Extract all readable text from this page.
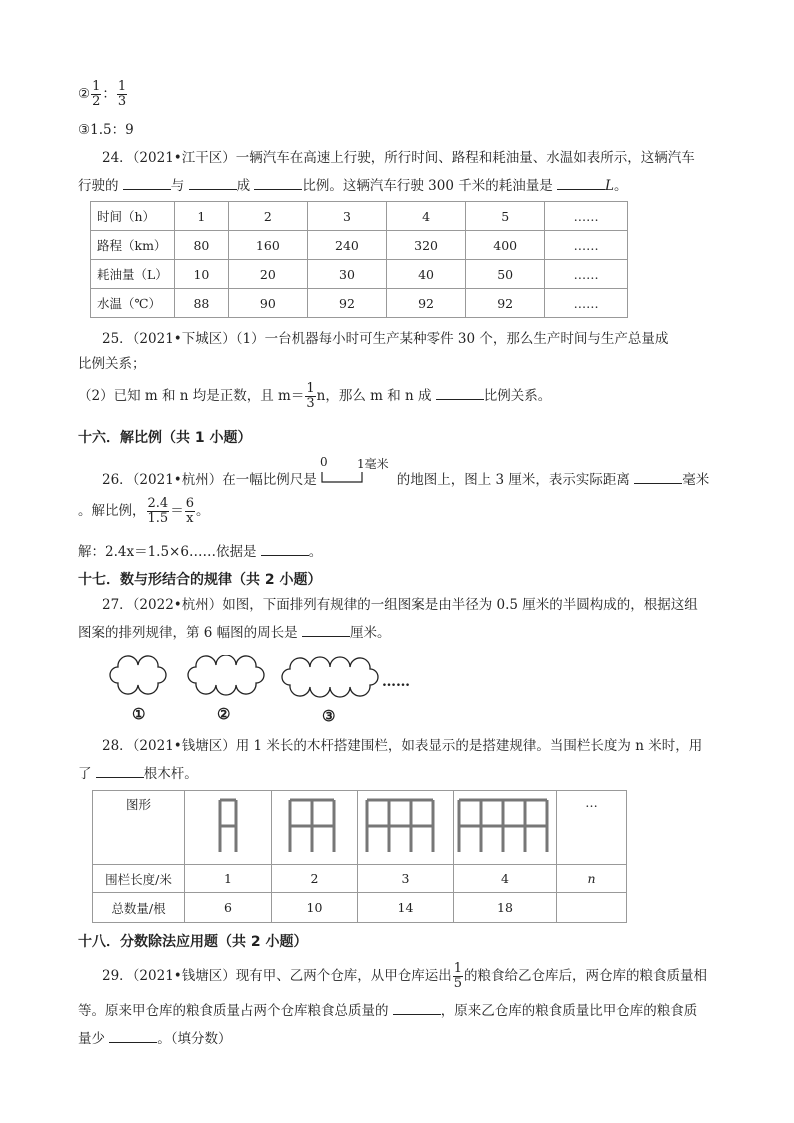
② $\frac{1}{2}$ ： $\frac{1}{3}$
③1.5：9
24．（2021•江干区）一辆汽车在高速上行驶，所行时间、路程和耗油量、水温如表所示，这辆汽车
行驶的	与	成	比例。这辆汽车行驶 300 千米的耗油量是	L。
时间（h）	1	2	3	4	5	……
路程（km）	80	160	240	320	400	……
耗油量（L）	10	20	30	40	50	……
水温（℃）	88	90	92	92	92	……
25．（2021•下城区）（1）一台机器每小时可生产某种零件 30 个，那么生产时间与生产总量成
比例关系；
（2）已知 m 和 n 均是正数，且 $m= \frac{1}{3}$ n，那么 m 和 n 成	比例关系。
十六．解比例（共 1 小题）
26．（2021•杭州）在一幅比例尺是	的地图上，图上 3 厘米，表示实际距离	毫米
0 1毫米
。解比例， $\frac{2.4}{1.5} = \frac{6}{x}$ 。
解：2.4x＝1.5×6……依据是	。
十七．数与形结合的规律（共 2 小题）
27．（2022•杭州）如图，下面排列有规律的一组图案是由半径为 0.5 厘米的半圆构成的，根据这组
图案的排列规律，第 6 幅图的周长是	厘米。
……
①	②	③
28．（2021•钱塘区）用 1 米长的木杆搭建围栏，如表显示的是搭建规律。当围栏长度为 n 米时，用
了	根木杆。
图形					…
围栏长度/米	1	2	3	4	n
总数量/根	6	10	14	18	
十八．分数除法应用题（共 2 小题）
29．（2021•钱塘区）现有甲、乙两个仓库，从甲仓库运出 $\frac{1}{5}$ 的粮食给乙仓库后，两仓库的粮食质量相
等。原来甲仓库的粮食质量占两个仓库粮食总质量的	，原来乙仓库的粮食质量比甲仓库的粮食质
量少	。（填分数）
